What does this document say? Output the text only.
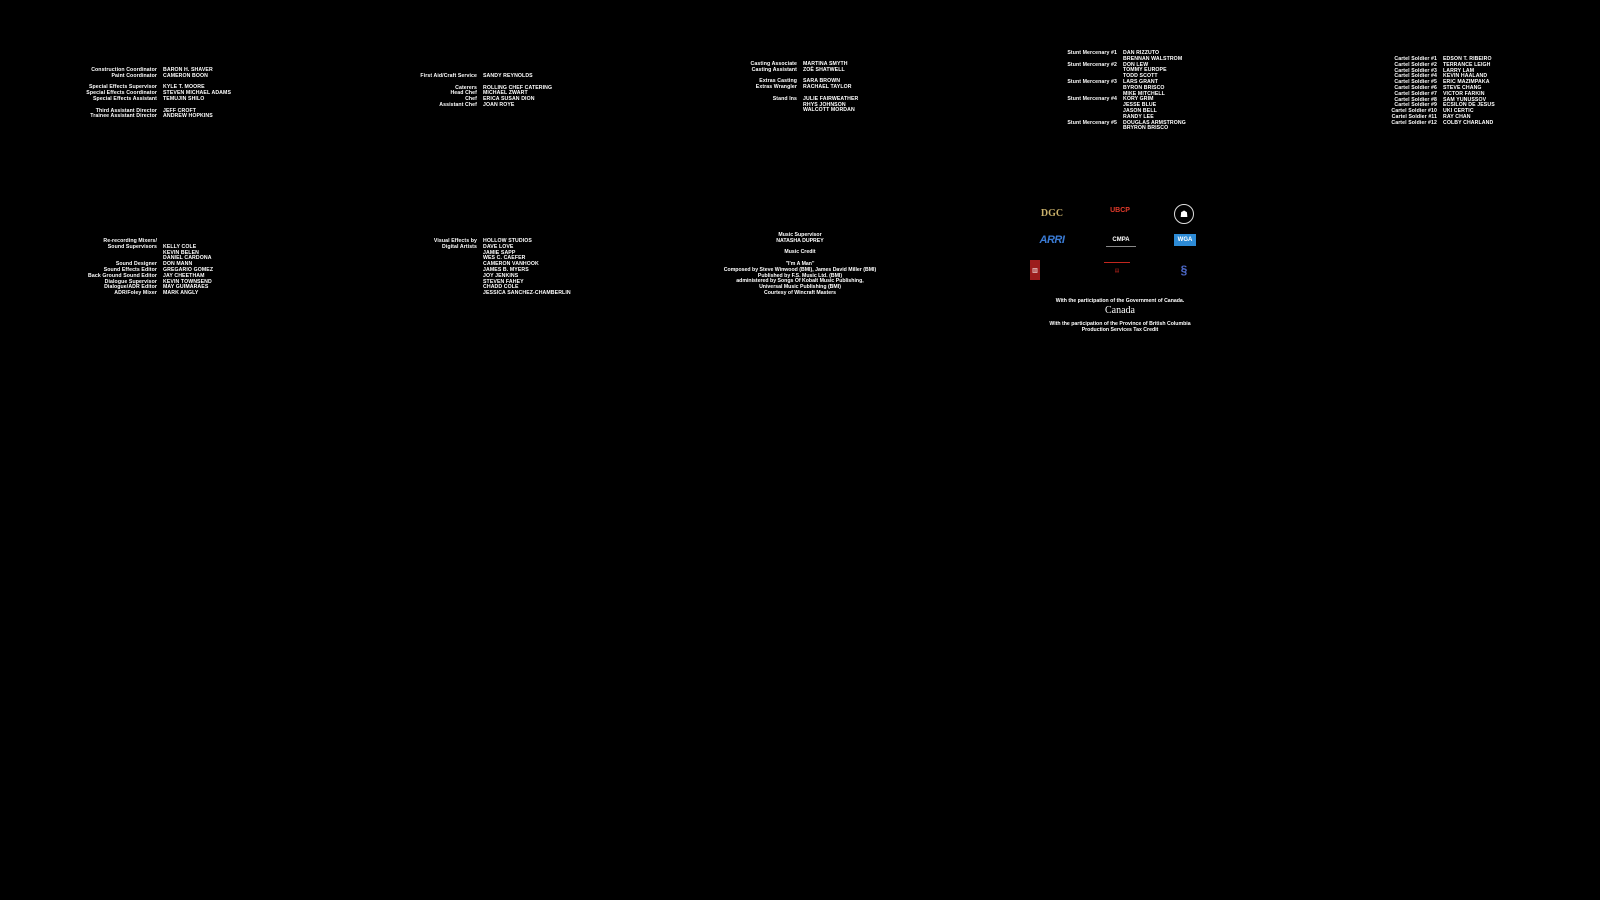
Construction Coordinator	BARON H. SHAVER
Paint Coordinator	CAMERON BOON
Special Effects Supervisor	KYLE T. MOORE
Special Effects Coordinator	STEVEN MICHAEL ADAMS
Special Effects Assistant	TEMUJIN SHILO
Third Assistant Director	JEFF CROFT
Trainee Assistant Director	ANDREW HOPKINS
First Aid/Craft Service	SANDY REYNOLDS
Caterers	ROLLING CHEF CATERING
Head Chef	MICHAEL ZWART
Chef	ERICA SUSAN DION
Assistant Chef	JOAN ROYE
Casting Associate	MARTINA SMYTH
Casting Assistant	ZOË SHATWELL
Extras Casting	SARA BROWN
Extras Wrangler	RACHAEL TAYLOR
Stand Ins	JULIE FAIRWEATHER
RHYS JOHNSON
WALCOTT MORDAN
Stunt Mercenary #1	DAN RIZZUTO
BRENNAN WALSTROM
Stunt Mercenary #2	DON LEW
TOMMY EUROPE
TODD SCOTT
Stunt Mercenary #3	LARS GRANT
BYRON BRISCO
MIKE MITCHELL
Stunt Mercenary #4	KORY GRIM
JESSE BLUE
JASON BELL
RANDY LEE
Stunt Mercenary #5	DOUGLAS ARMSTRONG
BRYRON BRISCO
Cartel Soldier #1	EDSON T. RIBEIRO
Cartel Soldier #2	TERRANCE LEIGH
Cartel Soldier #3	LARRY LAM
Cartel Soldier #4	KEVIN HAALAND
Cartel Soldier #5	ERIC MAZIMPAKA
Cartel Soldier #6	STEVE CHANG
Cartel Soldier #7	VICTOR FARKIN
Cartel Soldier #8	SAM YUNUSSOV
Cartel Soldier #9	ECSILON DE JESUS
Cartel Soldier #10	UKI CERTIC
Cartel Soldier #11	RAY CHAN
Cartel Soldier #12	COLBY CHARLAND
Re-recording Mixers/
Sound Supervisors	KELLY COLE
KEVIN BELEN
DANIEL CARDONA
Sound Designer	DON MANN
Sound Effects Editor	GREGARIO GOMEZ
Back Ground Sound Editor	JAY CHEETHAM
Dialogue Supervisor	KEVIN TOWNSEND
Dialogue/ADR Editor	MAY GUIMARAES
ADR/Foley Mixer	MARK ANGLY
Visual Effects by	HOLLOW STUDIOS
Digital Artists	DAVE LOVE
JAMIE SAPP
WES C. CAEFER
CAMERON VANHOOK
JAMES B. MYERS
JOY JENKINS
STEVEN FAHEY
CHADD COLE
JESSICA SANCHEZ-CHAMBERLIN
Music Supervisor
NATASHA DUPREY
Music Credit
"I'm A Man"
Composed by Steve Winwood (BMI), James David Miller (BMI)
Published by F.S. Music Ltd. (BMI)
administered by Songs Of Kobalt Music Publishing,
Universal Music Publishing (BMI)
Courtesy of Wincraft Masters
DGC	UBCP	☗
ARRI	CMPA	WGA
▥	▤	§
With the participation of the Government of Canada.
Canada
With the participation of the Province of British Columbia
Production Services Tax Credit
